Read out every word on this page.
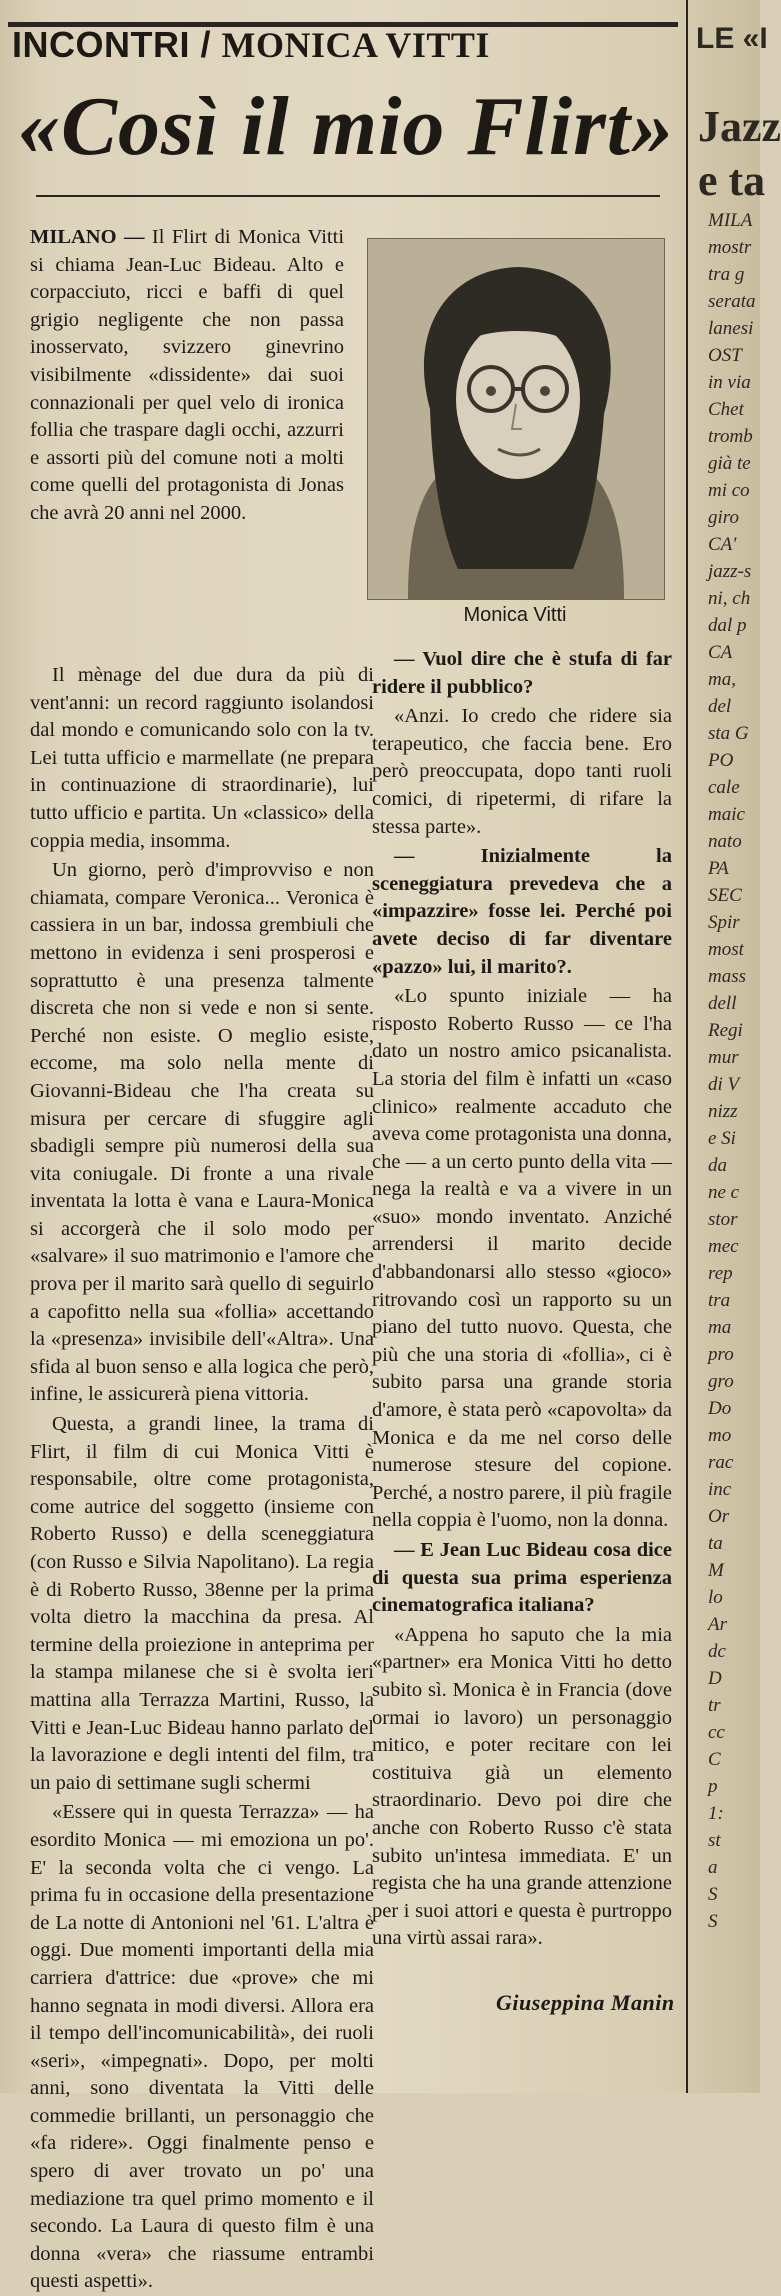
INCONTRI / MONICA VITTI
«Così il mio Flirt»

MILANO — Il Flirt di Monica Vitti si chiama Jean-Luc Bideau. Alto e corpacciuto, ricci e baffi di quel grigio negligente che non passa inosservato, svizzero ginevrino visibilmente «dissidente» dai suoi connazionali per quel velo di ironica follia che traspare dagli occhi, azzurri e assorti più del comune noti a molti come quelli del protagonista di Jonas che avrà 20 anni nel 2000.

Il mènage del due dura da più di vent'anni: un record raggiunto isolandosi dal mondo e comunicando solo con la tv. Lei tutta ufficio e marmellate (ne prepara in continuazione di straordinarie), lui tutto ufficio e partita. Un «classico» della coppia media, insomma.

Un giorno, però d'improvviso e non chiamata, compare Veronica... Veronica è cassiera in un bar, indossa grembiuli che mettono in evidenza i seni prosperosi e soprattutto è una presenza talmente discreta che non si vede e non si sente. Perché non esiste. O meglio esiste, eccome, ma solo nella mente di Giovanni-Bideau che l'ha creata su misura per cercare di sfuggire agli sbadigli sempre più numerosi della sua vita coniugale. Di fronte a una rivale inventata la lotta è vana e Laura-Monica si accorgerà che il solo modo per «salvare» il suo matrimonio e l'amore che prova per il marito sarà quello di seguirlo a capofitto nella sua «follia» accettando la «presenza» invisibile dell'«Altra». Una sfida al buon senso e alla logica che però, infine, le assicurerà piena vittoria.

Questa, a grandi linee, la trama di Flirt, il film di cui Monica Vitti è responsabile, oltre come protagonista, come autrice del soggetto (insieme con Roberto Russo) e della sceneggiatura (con Russo e Silvia Napolitano). La regia è di Roberto Russo, 38enne per la prima volta dietro la macchina da presa. Al termine della proiezione in anteprima per la stampa milanese che si è svolta ieri mattina alla Terrazza Martini, Russo, la Vitti e Jean-Luc Bideau hanno parlato del la lavorazione e degli intenti del film, tra un paio di settimane sugli schermi

«Essere qui in questa Terrazza» — ha esordito Monica — mi emoziona un po'. E' la seconda volta che ci vengo. La prima fu in occasione della presentazione de La notte di Antonioni nel '61. L'altra è oggi. Due momenti importanti della mia carriera d'attrice: due «prove» che mi hanno segnata in modi diversi. Allora era il tempo dell'incomunicabilità», dei ruoli «seri», «impegnati». Dopo, per molti anni, sono diventata la Vitti delle commedie brillanti, un personaggio che «fa ridere». Oggi finalmente penso e spero di aver trovato un po' una mediazione tra quel primo momento e il secondo. La Laura di questo film è una donna «vera» che riassume entrambi questi aspetti».

Monica Vitti

— Vuol dire che è stufa di far ridere il pubblico?

«Anzi. Io credo che ridere sia terapeutico, che faccia bene. Ero però preoccupata, dopo tanti ruoli comici, di ripetermi, di rifare la stessa parte».

— Inizialmente la sceneggiatura prevedeva che a «impazzire» fosse lei. Perché poi avete deciso di far diventare «pazzo» lui, il marito?.

«Lo spunto iniziale — ha risposto Roberto Russo — ce l'ha dato un nostro amico psicanalista. La storia del film è infatti un «caso clinico» realmente accaduto che aveva come protagonista una donna, che — a un certo punto della vita — nega la realtà e va a vivere in un «suo» mondo inventato. Anziché arrendersi il marito decide d'abbandonarsi allo stesso «gioco» ritrovando così un rapporto su un piano del tutto nuovo. Questa, che più che una storia di «follia», ci è subito parsa una grande storia d'amore, è stata però «capovolta» da Monica e da me nel corso delle numerose stesure del copione. Perché, a nostro parere, il più fragile nella coppia è l'uomo, non la donna.

— E Jean Luc Bideau cosa dice di questa sua prima esperienza cinematografica italiana?

«Appena ho saputo che la mia «partner» era Monica Vitti ho detto subito sì. Monica è in Francia (dove ormai io lavoro) un personaggio mitico, e poter recitare con lei costituiva già un elemento straordinario. Devo poi dire che anche con Roberto Russo c'è stata subito un'intesa immediata. E' un regista che ha una grande attenzione per i suoi attori e questa è purtroppo una virtù assai rara».

Giuseppina Manin
LE «I
Jazz
e ta
MILA
mostr
tra g
serata
lanesi
OST
in via
Chet
tromb
già te
mi co
giro
CA'
jazz-s
ni, ch
dal p
CA
ma,
del
sta G
PO
cale
maic
nato
PA
SEC
Spir
most
mass
dell
Regi
mur
di V
nizz
e Si
da
ne c
stor
mec
rep
tra
ma
pro
gro
Do
mo
rac
inc
Or
ta
M
lo
Ar
dc
D
tr
cc
C
p
1:
st
a
S
S
